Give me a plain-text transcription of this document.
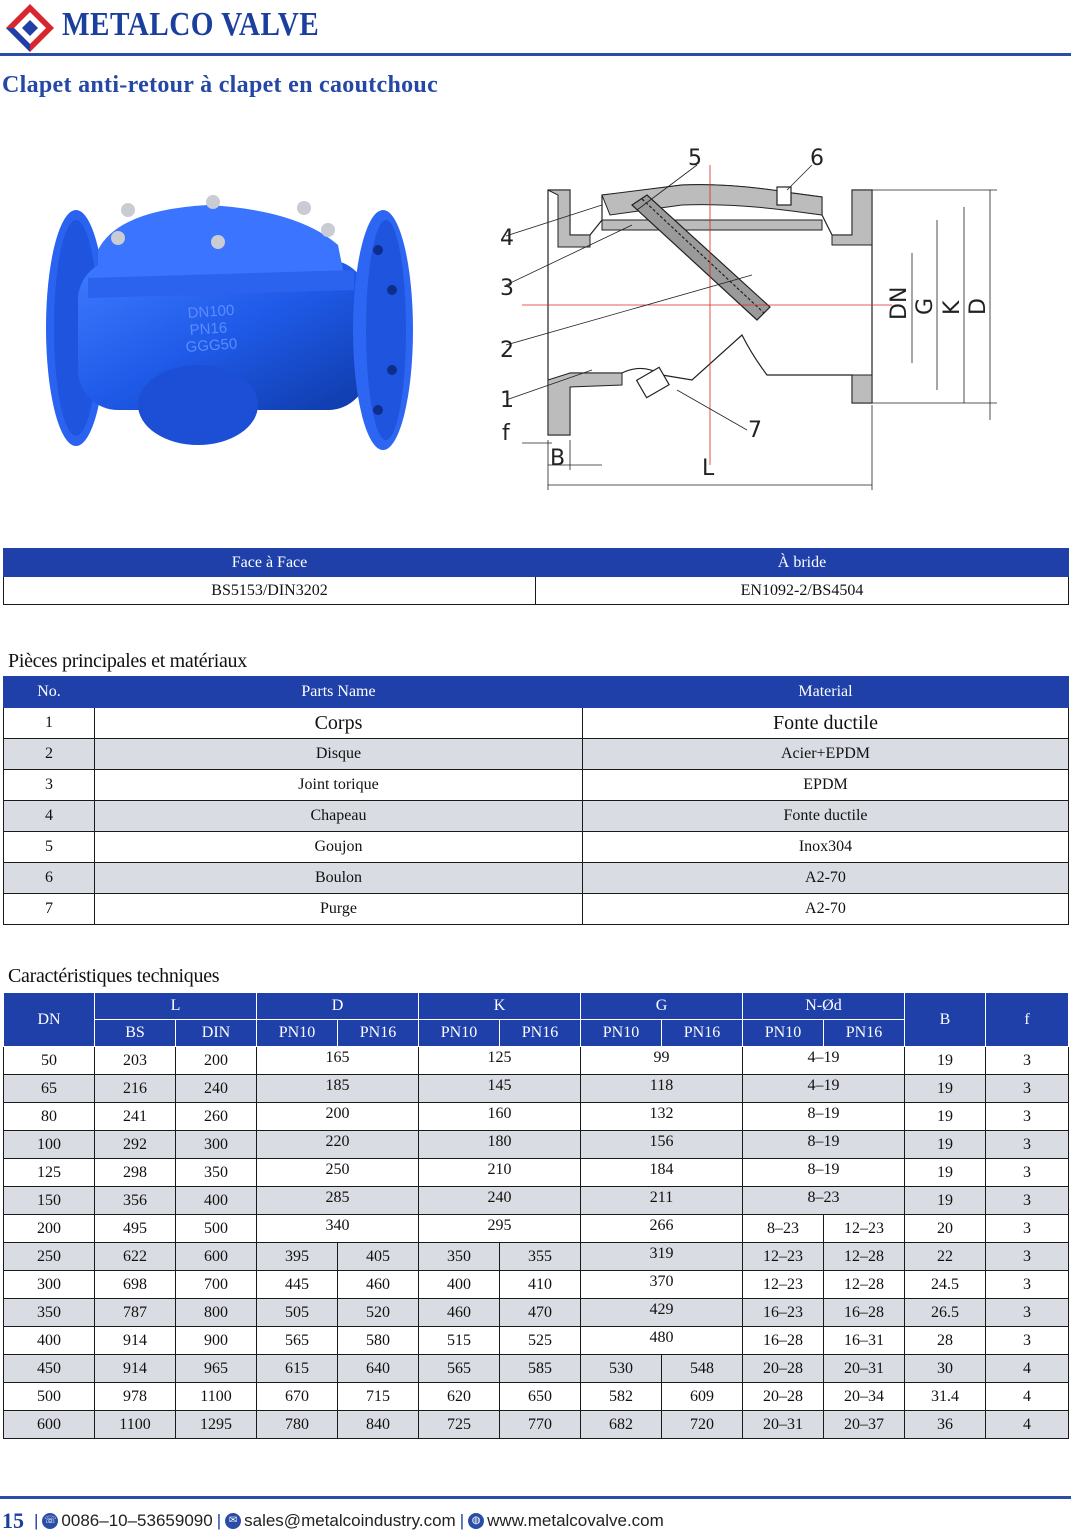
METALCO VALVE
Clapet anti-retour à clapet en caoutchouc
DN100
PN16
GGG50
1
2
3
4
5	6
7
f
B	L
DN G K D
Face à Face	À bride
BS5153/DIN3202	EN1092-2/BS4504
Pièces principales et matériaux
No.	Parts Name	Material
1	Corps	Fonte ductile
2	Disque	Acier+EPDM
3	Joint torique	EPDM
4	Chapeau	Fonte ductile
5	Goujon	Inox304
6	Boulon	A2-70
7	Purge	A2-70
Caractéristiques techniques
DN	L		D		K		G		N-Ød		B	f
	BS	DIN	PN10	PN16	PN10	PN16	PN10	PN16	PN10	PN16		
50	203	200	165		125		99		4–19		19	3
65	216	240	185		145		118		4–19		19	3
80	241	260	200		160		132		8–19		19	3
100	292	300	220		180		156		8–19		19	3
125	298	350	250		210		184		8–19		19	3
150	356	400	285		240		211		8–23		19	3
200	495	500	340		295		266		8–23	12–23	20	3
250	622	600	395	405	350	355	319		12–23	12–28	22	3
300	698	700	445	460	400	410	370		12–23	12–28	24.5	3
350	787	800	505	520	460	470	429		16–23	16–28	26.5	3
400	914	900	565	580	515	525	480		16–28	16–31	28	3
450	914	965	615	640	565	585	530	548	20–28	20–31	30	4
500	978	1100	670	715	620	650	582	609	20–28	20–34	31.4	4
600	1100	1295	780	840	725	770	682	720	20–31	20–37	36	4
15 | ☏ 0086–10–53659090 | ✉ sales@metalcoindustry.com | ◍ www.metalcovalve.com
